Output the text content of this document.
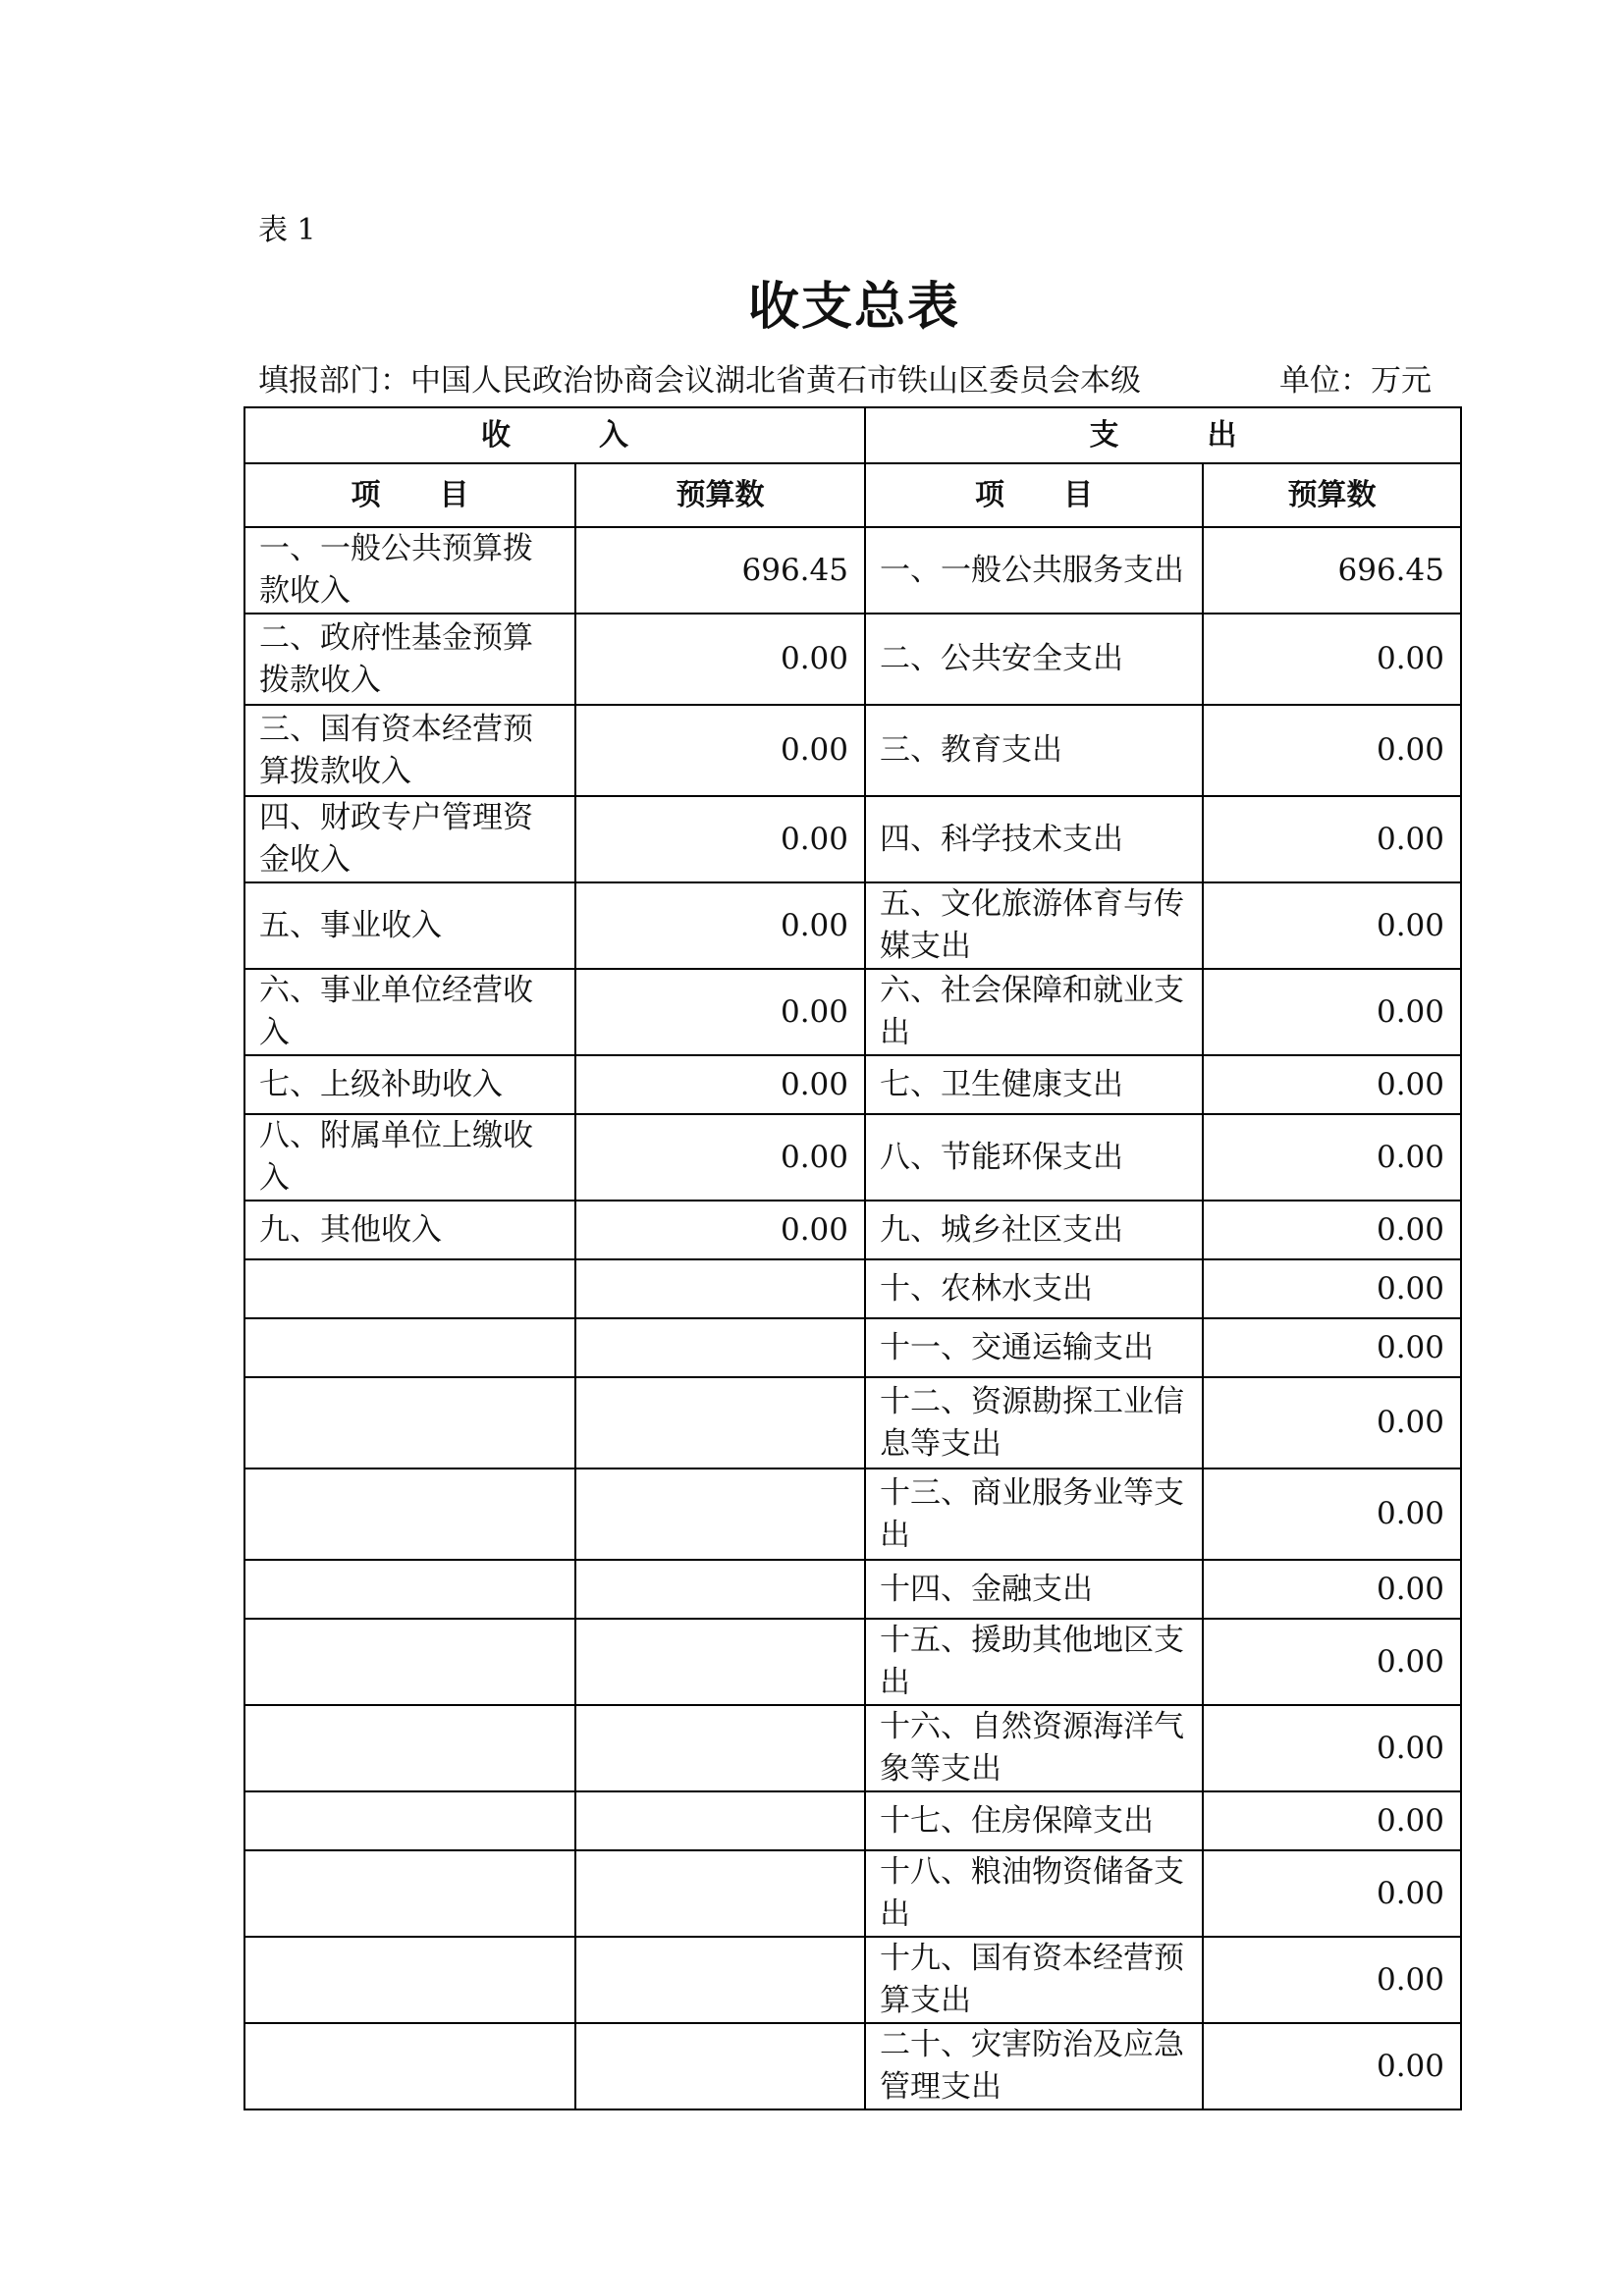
表 1
收支总表
填报部门：中国人民政治协商会议湖北省黄石市铁山区委员会本级	单位：万元
收　　　入		支　　　出	
项　　目	预算数	项　　目	预算数
一、一般公共预算拨款收入	696.45	一、一般公共服务支出	696.45
二、政府性基金预算拨款收入	0.00	二、公共安全支出	0.00
三、国有资本经营预算拨款收入	0.00	三、教育支出	0.00
四、财政专户管理资金收入	0.00	四、科学技术支出	0.00
五、事业收入	0.00	五、文化旅游体育与传媒支出	0.00
六、事业单位经营收入	0.00	六、社会保障和就业支出	0.00
七、上级补助收入	0.00	七、卫生健康支出	0.00
八、附属单位上缴收入	0.00	八、节能环保支出	0.00
九、其他收入	0.00	九、城乡社区支出	0.00
		十、农林水支出	0.00
		十一、交通运输支出	0.00
		十二、资源勘探工业信息等支出	0.00
		十三、商业服务业等支出	0.00
		十四、金融支出	0.00
		十五、援助其他地区支出	0.00
		十六、自然资源海洋气象等支出	0.00
		十七、住房保障支出	0.00
		十八、粮油物资储备支出	0.00
		十九、国有资本经营预算支出	0.00
		二十、灾害防治及应急管理支出	0.00
